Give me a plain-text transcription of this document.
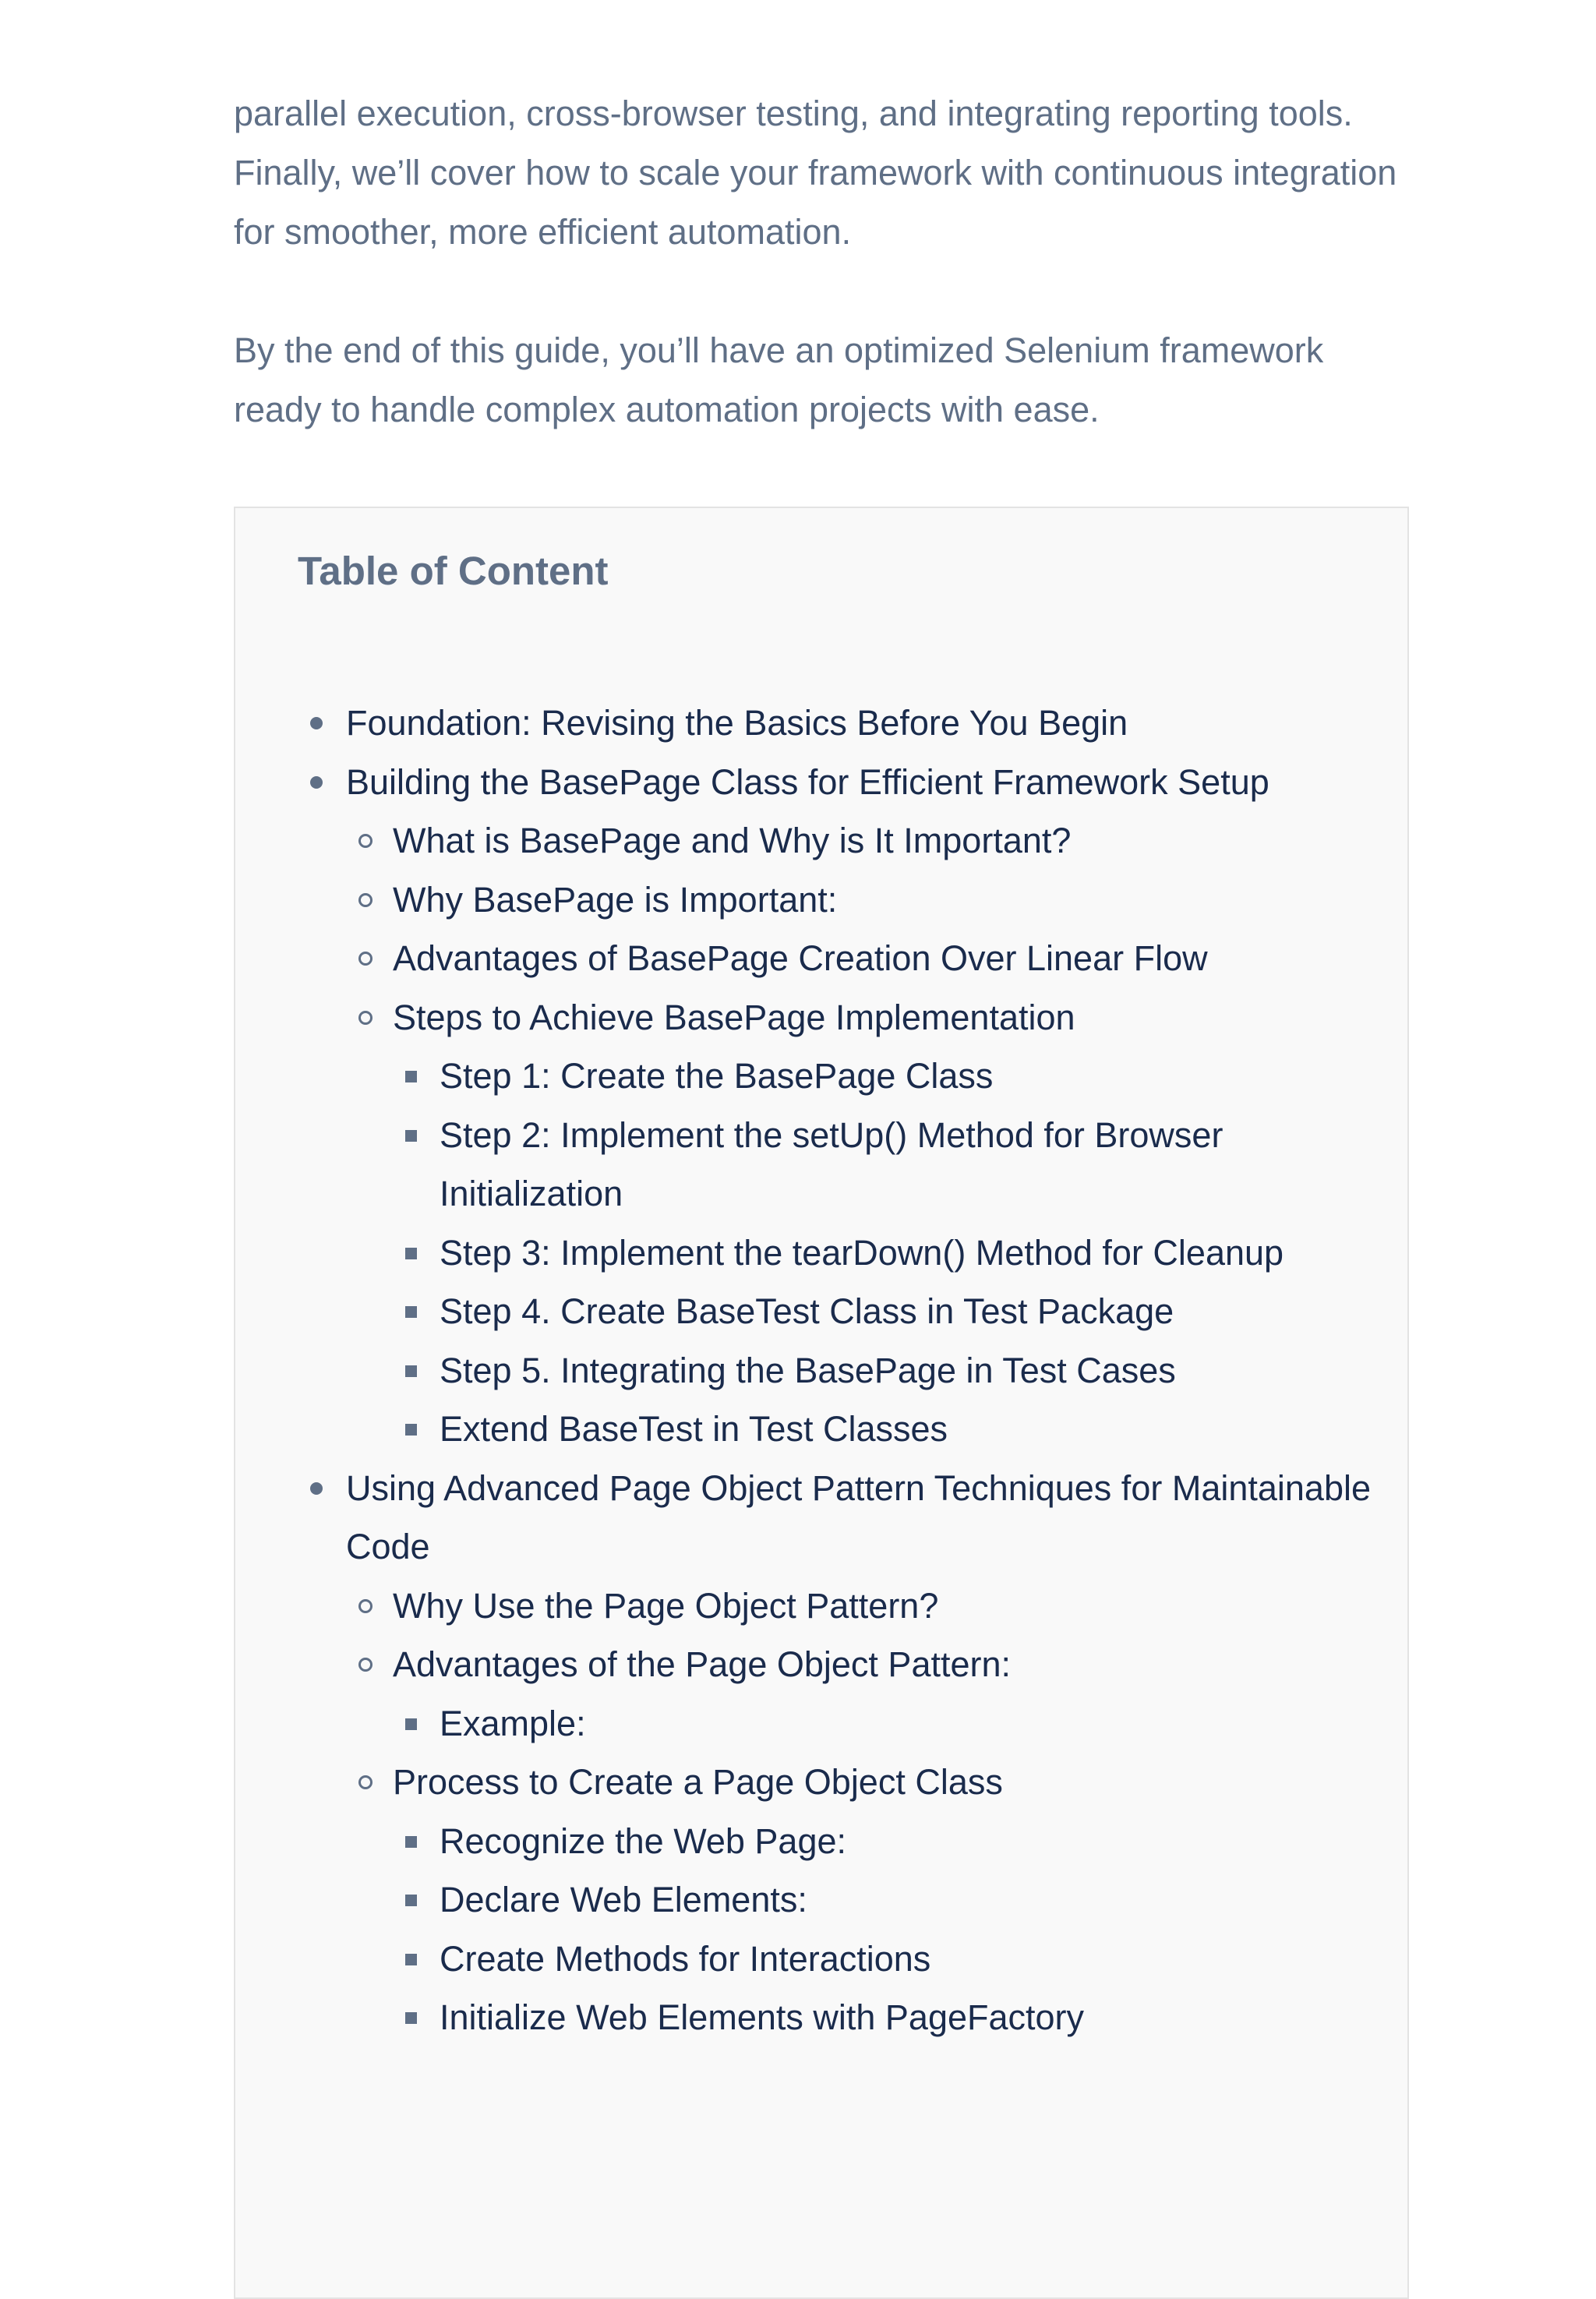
parallel execution, cross-browser testing, and integrating reporting tools. Finally, we’ll cover how to scale your framework with continuous integration for smoother, more efficient automation.

By the end of this guide, you’ll have an optimized Selenium framework ready to handle complex automation projects with ease.

Table of Content
Foundation: Revising the Basics Before You Begin
Building the BasePage Class for Efficient Framework Setup
What is BasePage and Why is It Important?
Why BasePage is Important:
Advantages of BasePage Creation Over Linear Flow
Steps to Achieve BasePage Implementation
Step 1: Create the BasePage Class
Step 2: Implement the setUp() Method for Browser Initialization
Step 3: Implement the tearDown() Method for Cleanup
Step 4. Create BaseTest Class in Test Package
Step 5. Integrating the BasePage in Test Cases
Extend BaseTest in Test Classes
Using Advanced Page Object Pattern Techniques for Maintainable Code
Why Use the Page Object Pattern?
Advantages of the Page Object Pattern:
Example:
Process to Create a Page Object Class
Recognize the Web Page:
Declare Web Elements:
Create Methods for Interactions
Initialize Web Elements with PageFactory
